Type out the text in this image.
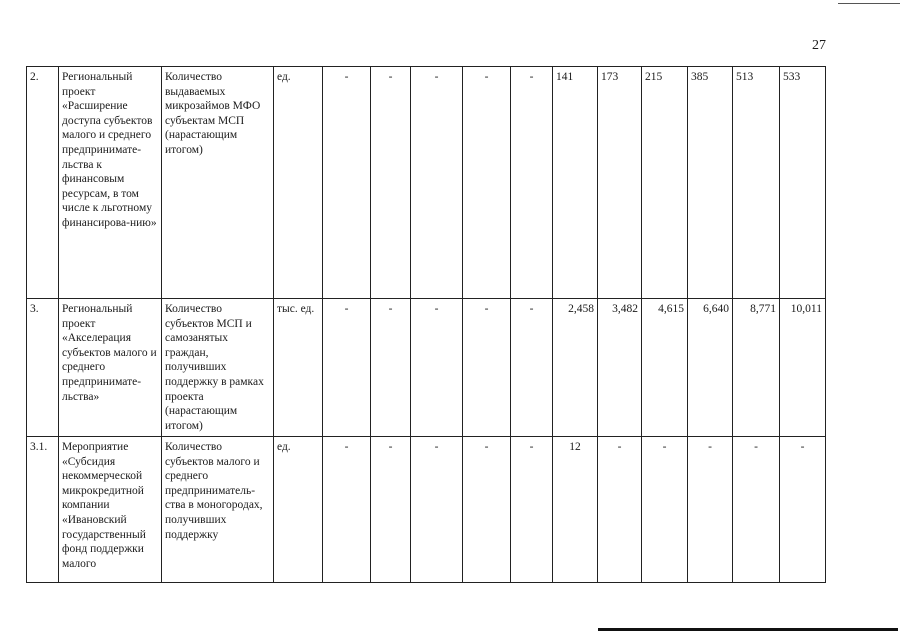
27
2.	Региональный проект «Расширение доступа субъектов малого и среднего предпринимате-льства к финансовым ресурсам, в том числе к льготному финансирова-нию»	Количество выдаваемых микрозаймов МФО субъектам МСП (нарастающим итогом)	ед.	-	-	-	-	-	141	173	215	385	513	533
3.	Региональный проект «Акселерация субъектов малого и среднего предпринимате-льства»	Количество субъектов МСП и самозанятых граждан, получивших поддержку в рамках проекта (нарастающим итогом)	тыс. ед.	-	-	-	-	-	2,458	3,482	4,615	6,640	8,771	10,011
3.1.	Мероприятие «Субсидия некоммерческой микрокредитной компании «Ивановский государственный фонд поддержки малого	Количество субъектов малого и среднего предприниматель-ства в моногородах, получивших поддержку	ед.	-	-	-	-	-	12	-	-	-	-	-
